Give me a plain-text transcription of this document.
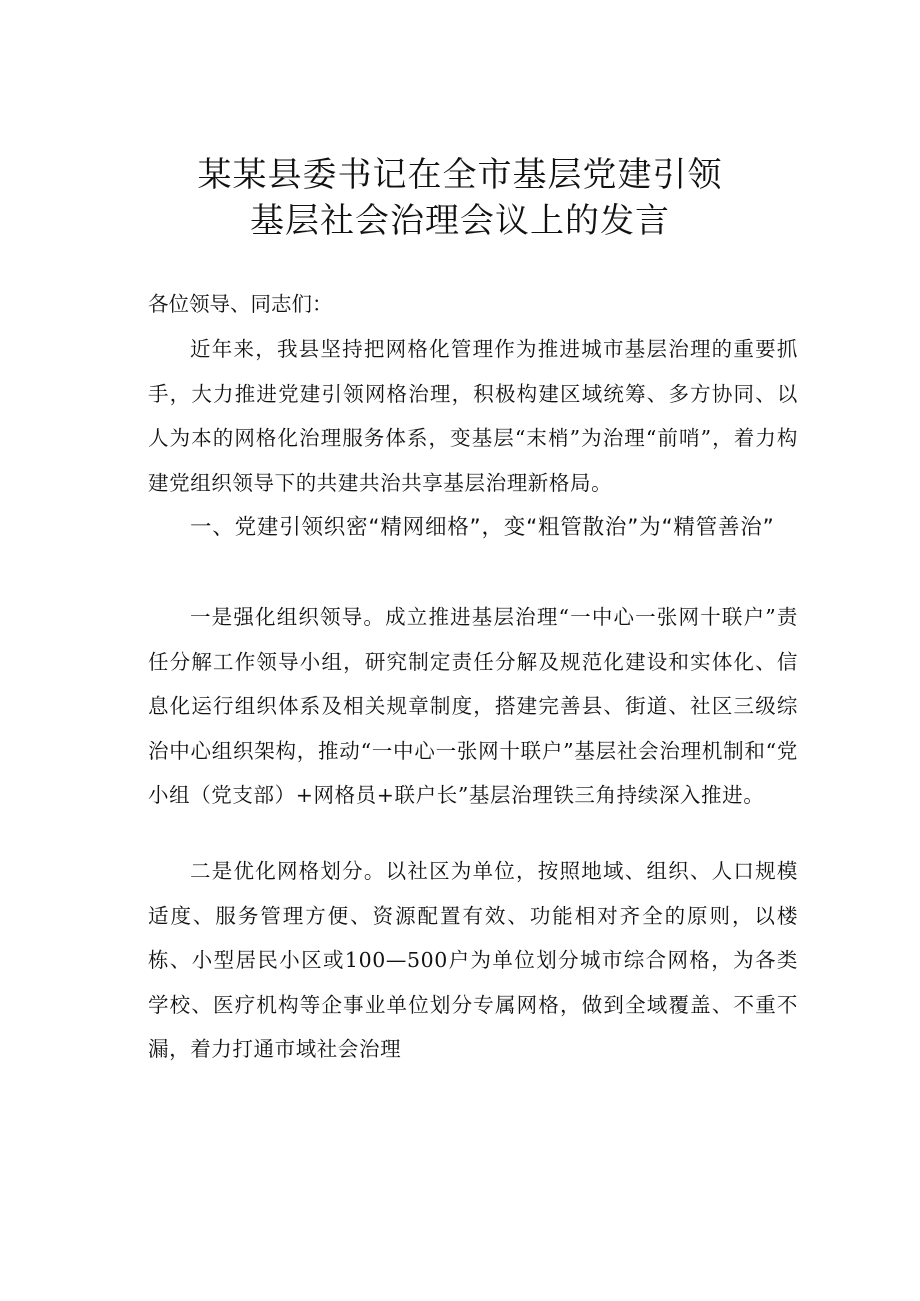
某某县委书记在全市基层党建引领
基层社会治理会议上的发言

各位领导、同志们：

近年来，我县坚持把网格化管理作为推进城市基层治理的重要抓手，大力推进党建引领网格治理，积极构建区域统筹、多方协同、以人为本的网格化治理服务体系，变基层“末梢”为治理“前哨”，着力构建党组织领导下的共建共治共享基层治理新格局。

一、党建引领织密“精网细格”，变“粗管散治”为“精管善治”

一是强化组织领导。成立推进基层治理“一中心一张网十联户”责任分解工作领导小组，研究制定责任分解及规范化建设和实体化、信息化运行组织体系及相关规章制度，搭建完善县、街道、社区三级综治中心组织架构，推动“一中心一张网十联户”基层社会治理机制和“党小组（党支部）+网格员+联户长”基层治理铁三角持续深入推进。

二是优化网格划分。以社区为单位，按照地域、组织、人口规模适度、服务管理方便、资源配置有效、功能相对齐全的原则，以楼栋、小型居民小区或100—500户为单位划分城市综合网格，为各类学校、医疗机构等企事业单位划分专属网格，做到全域覆盖、不重不漏，着力打通市域社会治理
